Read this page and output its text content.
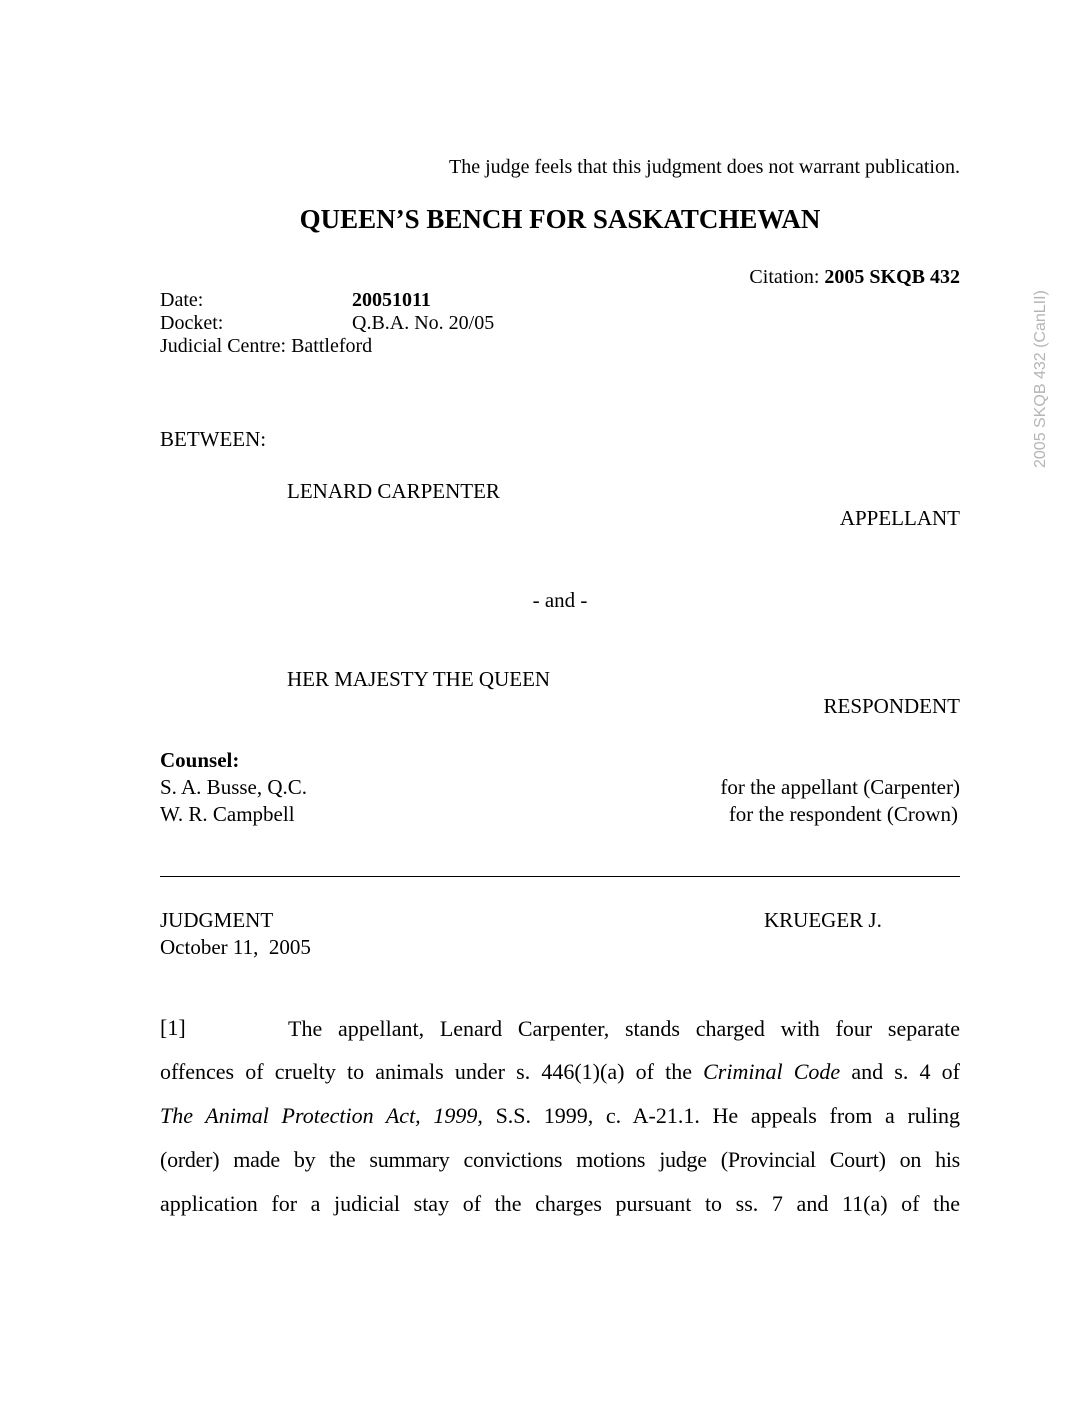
The judge feels that this judgment does not warrant publication.
QUEEN’S BENCH FOR SASKATCHEWAN
Citation: 2005 SKQB 432
Date:	20051011
Docket:	Q.B.A. No. 20/05
Judicial Centre: Battleford
BETWEEN:
LENARD CARPENTER
APPELLANT
- and -
HER MAJESTY THE QUEEN
RESPONDENT
Counsel:
S. A. Busse, Q.C.	for the appellant (Carpenter)
W. R. Campbell	for the respondent (Crown)
JUDGMENT	KRUEGER J.
October 11,  2005
[1]	The appellant, Lenard Carpenter, stands charged with four separate
offences of cruelty to animals under s. 446(1)(a) of the Criminal Code and s. 4 of
The Animal Protection Act, 1999, S.S. 1999, c. A-21.1. He appeals from a ruling
(order) made by the summary convictions motions judge (Provincial Court) on his
application for a judicial stay of the charges pursuant to ss. 7 and 11(a) of the
2005 SKQB 432 (CanLII)
